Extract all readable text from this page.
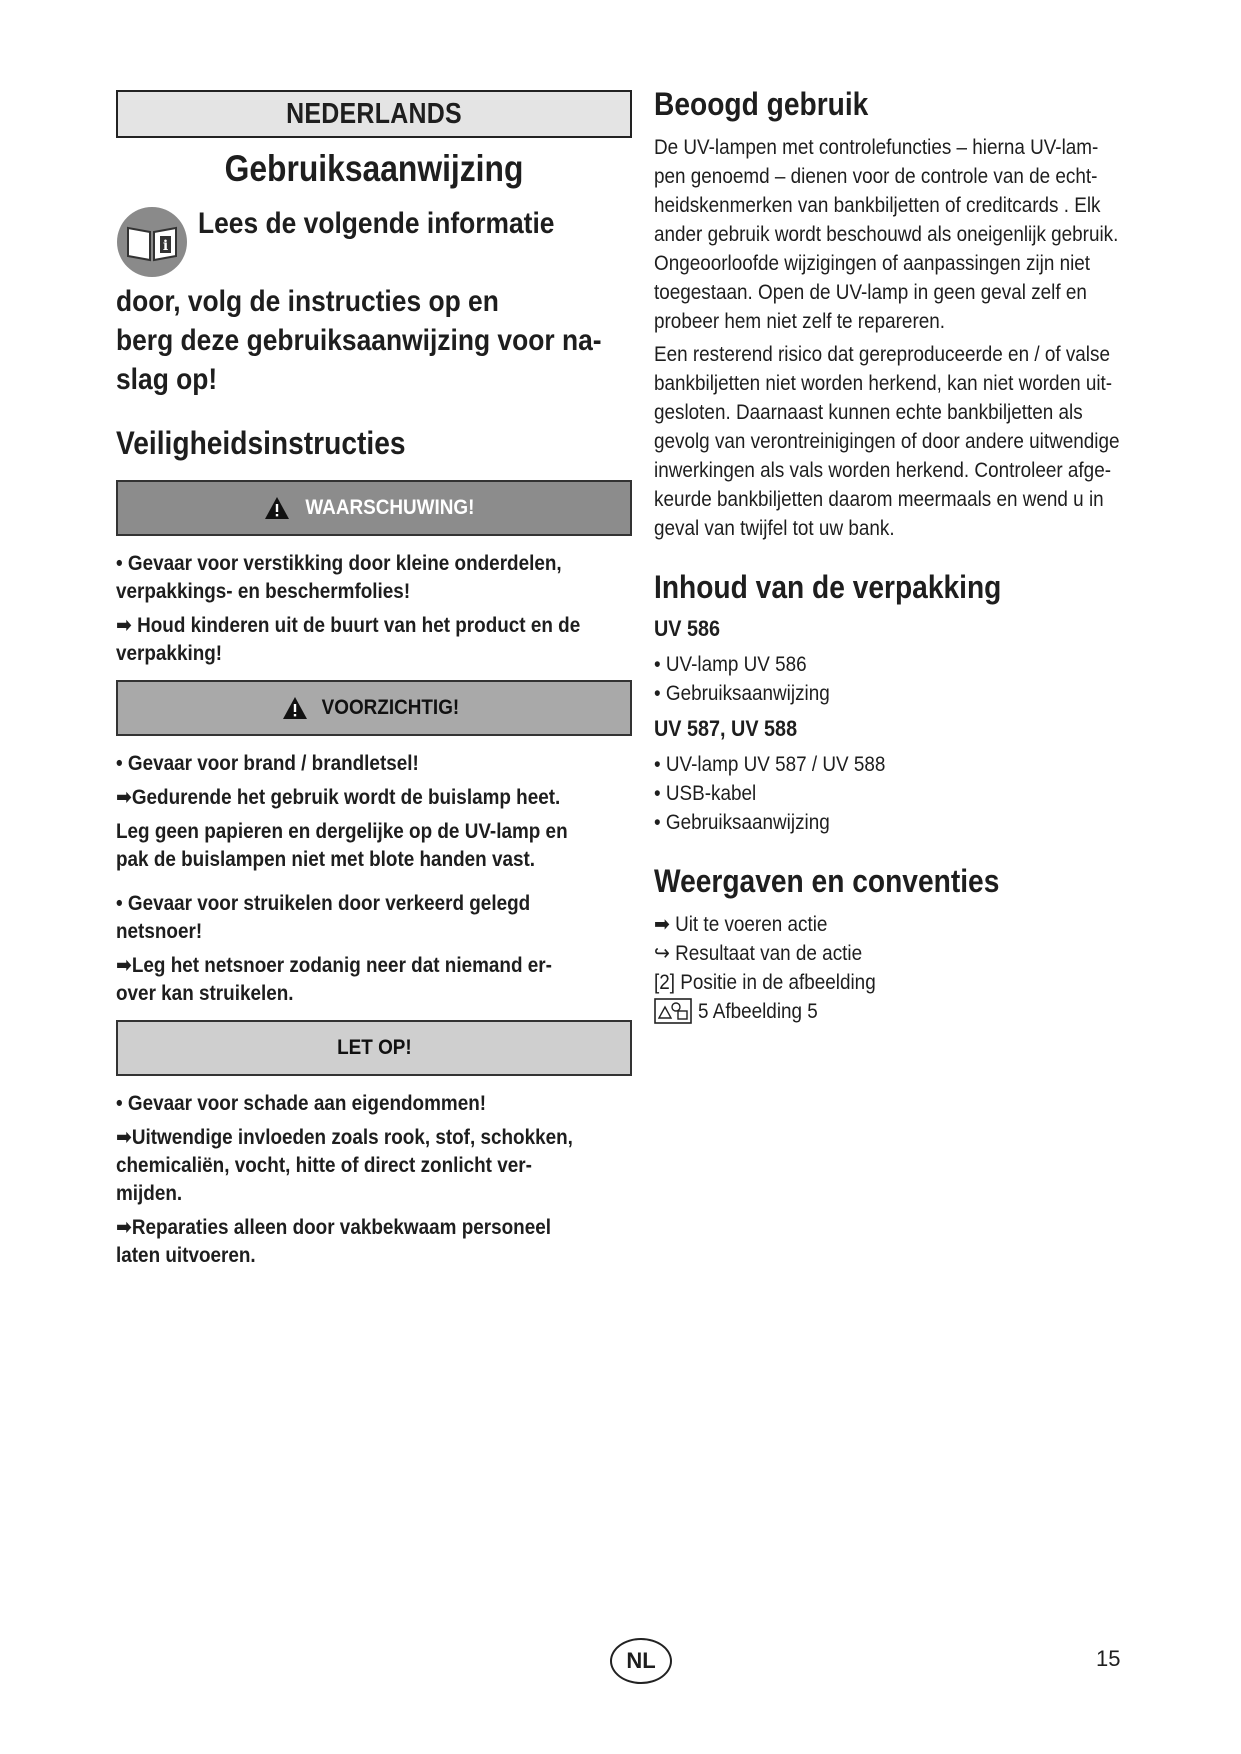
NEDERLANDS
Gebruiksaanwijzing
i
Lees de volgende informatie
door, volg de instructies op en
berg deze gebruiksaanwijzing voor na-
slag op!
Veiligheidsinstructies
WAARSCHUWING!
• Gevaar voor verstikking door kleine onderdelen,
verpakkings- en beschermfolies!
➡ Houd kinderen uit de buurt van het product en de
verpakking!
VOORZICHTIG!
• Gevaar voor brand / brandletsel!
➡Gedurende het gebruik wordt de buislamp heet.
Leg geen papieren en dergelijke op de UV-lamp en
pak de buislampen niet met blote handen vast.
• Gevaar voor struikelen door verkeerd gelegd
netsnoer!
➡Leg het netsnoer zodanig neer dat niemand er-
over kan struikelen.
LET OP!
• Gevaar voor schade aan eigendommen!
➡Uitwendige invloeden zoals rook, stof, schokken,
chemicaliën, vocht, hitte of direct zonlicht ver-
mijden.
➡Reparaties alleen door vakbekwaam personeel
laten uitvoeren.
Beoogd gebruik
De UV-lampen met controlefuncties – hierna UV-lam-
pen genoemd – dienen voor de controle van de echt-
heidskenmerken van bankbiljetten of creditcards . Elk
ander gebruik wordt beschouwd als oneigenlijk gebruik.
Ongeoorloofde wijzigingen of aanpassingen zijn niet
toegestaan. Open de UV-lamp in geen geval zelf en
probeer hem niet zelf te repareren.
Een resterend risico dat gereproduceerde en / of valse
bankbiljetten niet worden herkend, kan niet worden uit-
gesloten. Daarnaast kunnen echte bankbiljetten als
gevolg van verontreinigingen of door andere uitwendige
inwerkingen als vals worden herkend. Controleer afge-
keurde bankbiljetten daarom meermaals en wend u in
geval van twijfel tot uw bank.
Inhoud van de verpakking
UV 586
• UV-lamp UV 586
• Gebruiksaanwijzing
UV 587, UV 588
• UV-lamp UV 587 / UV 588
• USB-kabel
• Gebruiksaanwijzing
Weergaven en conventies
➡ Uit te voeren actie
↪ Resultaat van de actie
[2] Positie in de afbeelding
5 Afbeelding 5
NL	15
